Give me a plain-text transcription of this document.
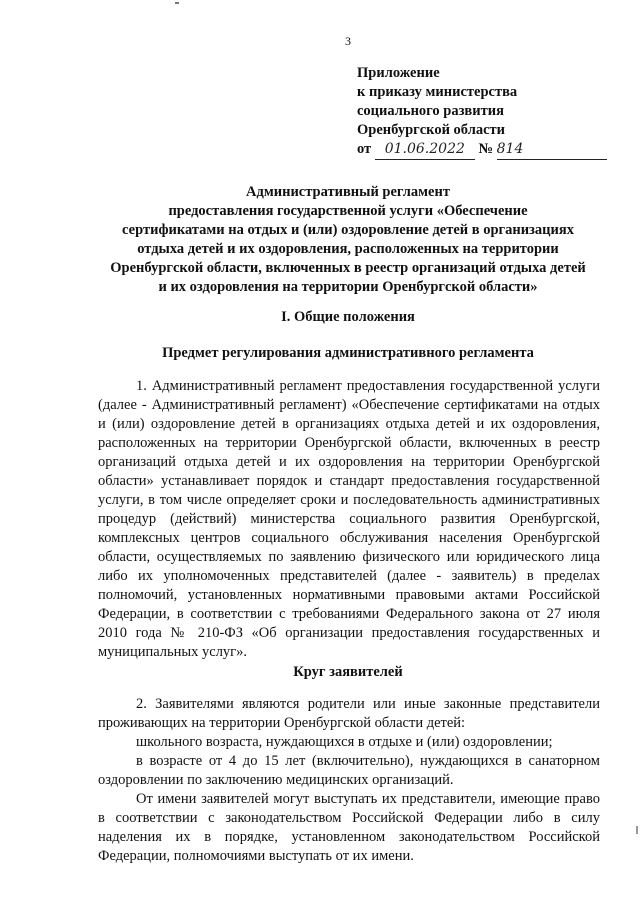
3
Приложение
к приказу министерства
социального развития
Оренбургской области
от 01.06.2022 № 814
Административный регламент
предоставления государственной услуги «Обеспечение
сертификатами на отдых и (или) оздоровление детей в организациях
отдыха детей и их оздоровления, расположенных на территории
Оренбургской области, включенных в реестр организаций отдыха детей
и их оздоровления на территории Оренбургской области»
I. Общие положения
Предмет регулирования административного регламента

1. Административный регламент предоставления государственной услуги (далее - Административный регламент) «Обеспечение сертификатами на отдых и (или) оздоровление детей в организациях отдыха детей и их оздоровления, расположенных на территории Оренбургской области, включенных в реестр организаций отдыха детей и их оздоровления на территории Оренбургской области» устанавливает порядок и стандарт предоставления государственной услуги, в том числе определяет сроки и последовательность административных процедур (действий) министерства социального развития Оренбургской, комплексных центров социального обслуживания населения Оренбургской области, осуществляемых по заявлению физического или юридического лица либо их уполномоченных представителей (далее - заявитель) в пределах полномочий, установленных нормативными правовыми актами Российской Федерации, в соответствии с требованиями Федерального закона от 27 июля 2010 года № 210-ФЗ «Об организации предоставления государственных и муниципальных услуг».

Круг заявителей

2. Заявителями являются родители или иные законные представители проживающих на территории Оренбургской области детей:

школьного возраста, нуждающихся в отдыхе и (или) оздоровлении;

в возрасте от 4 до 15 лет (включительно), нуждающихся в санаторном оздоровлении по заключению медицинских организаций.

От имени заявителей могут выступать их представители, имеющие право в соответствии с законодательством Российской Федерации либо в силу наделения их в порядке, установленном законодательством Российской Федерации, полномочиями выступать от их имени.
